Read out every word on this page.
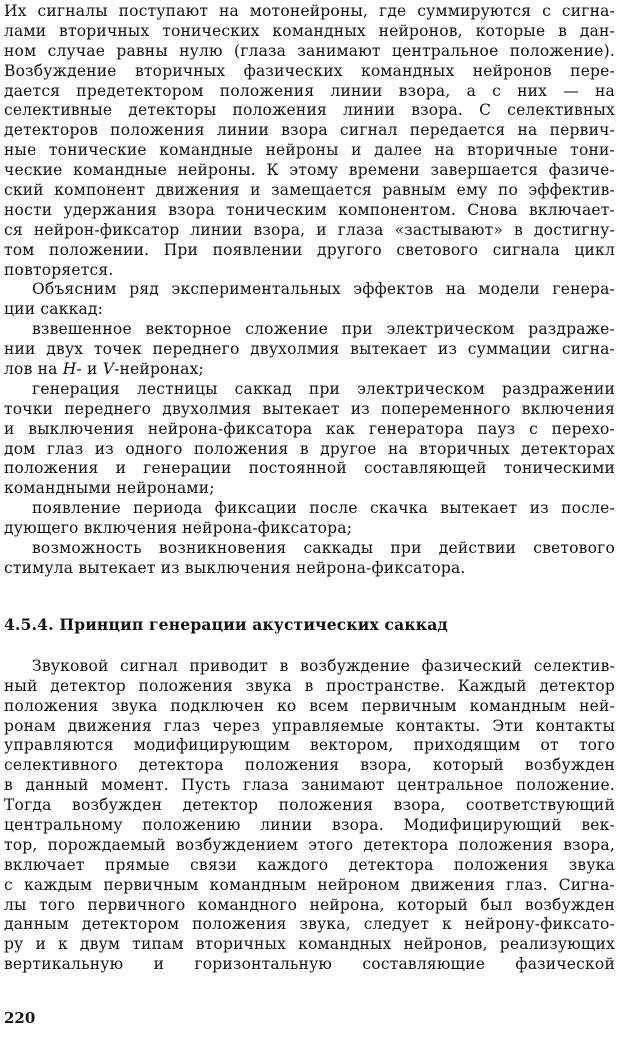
Их сигналы поступают на мотонейроны, где суммируются с сигна-
лами вторичных тонических командных нейронов, которые в дан-
ном случае равны нулю (глаза занимают центральное положение).
Возбуждение вторичных фазических командных нейронов пере-
дается предетектором положения линии взора, а с них — на
селективные детекторы положения линии взора. С селективных
детекторов положения линии взора сигнал передается на первич-
ные тонические командные нейроны и далее на вторичные тони-
ческие командные нейроны. К этому времени завершается фазиче-
ский компонент движения и замещается равным ему по эффектив-
ности удержания взора тоническим компонентом. Снова включает-
ся нейрон-фиксатор линии взора, и глаза «застывают» в достигну-
том положении. При появлении другого светового сигнала цикл
повторяется.
Объясним ряд экспериментальных эффектов на модели генера-
ции саккад:
взвешенное векторное сложение при электрическом раздраже-
нии двух точек переднего двухолмия вытекает из суммации сигна-
лов на H- и V-нейронах;
генерация лестницы саккад при электрическом раздражении
точки переднего двухолмия вытекает из попеременного включения
и выключения нейрона-фиксатора как генератора пауз с перехо-
дом глаз из одного положения в другое на вторичных детекторах
положения и генерации постоянной составляющей тоническими
командными нейронами;
появление периода фиксации после скачка вытекает из после-
дующего включения нейрона-фиксатора;
возможность возникновения саккады при действии светового
стимула вытекает из выключения нейрона-фиксатора.
4.5.4. Принцип генерации акустических саккад
Звуковой сигнал приводит в возбуждение фазический селектив-
ный детектор положения звука в пространстве. Каждый детектор
положения звука подключен ко всем первичным командным ней-
ронам движения глаз через управляемые контакты. Эти контакты
управляются модифицирующим вектором, приходящим от того
селективного детектора положения взора, который возбужден
в данный момент. Пусть глаза занимают центральное положение.
Тогда возбужден детектор положения взора, соответствующий
центральному положению линии взора. Модифицирующий век-
тор, порождаемый возбуждением этого детектора положения взора,
включает прямые связи каждого детектора положения звука
с каждым первичным командным нейроном движения глаз. Сигна-
лы того первичного командного нейрона, который был возбужден
данным детектором положения звука, следует к нейрону-фиксато-
ру и к двум типам вторичных командных нейронов, реализующих
вертикальную и горизонтальную составляющие фазической
220
